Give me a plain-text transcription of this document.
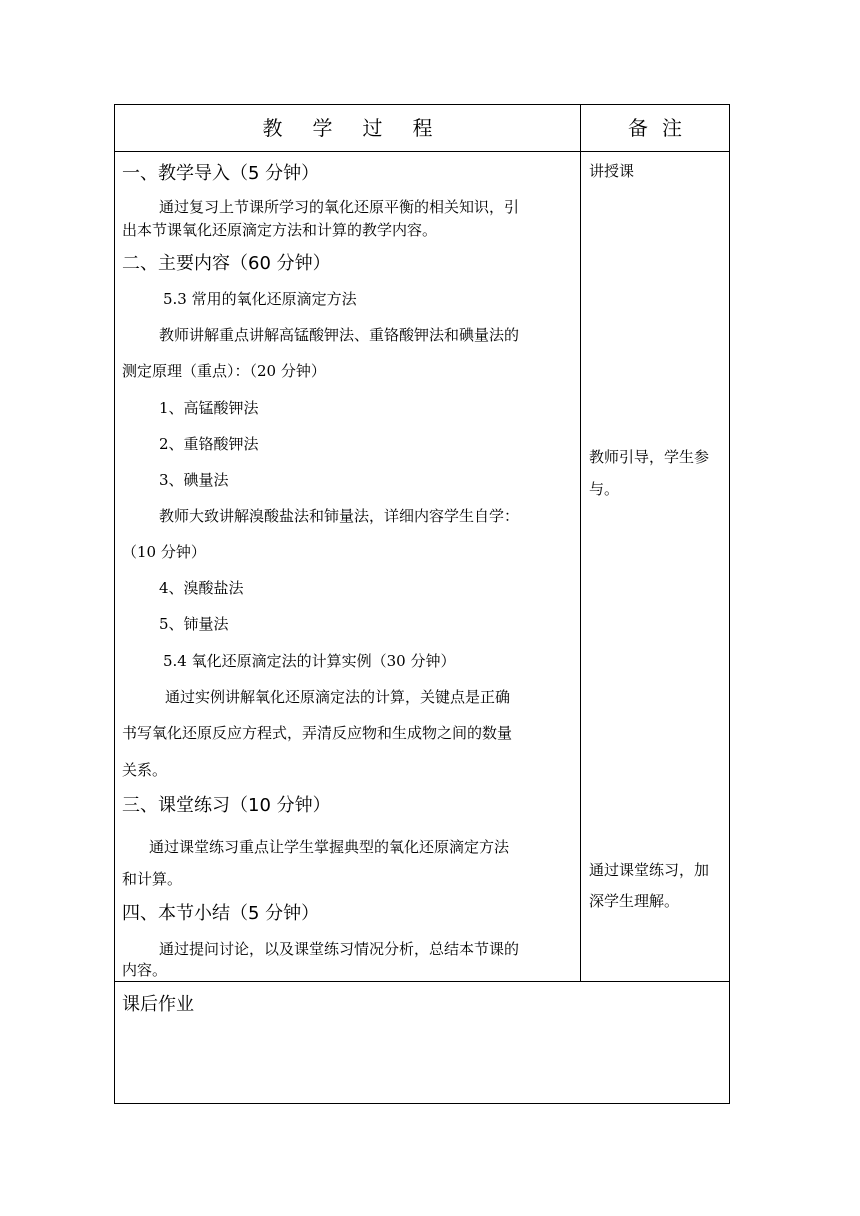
教学过程	备注
一、教学导入（5 分钟）
通过复习上节课所学习的氧化还原平衡的相关知识，引
出本节课氧化还原滴定方法和计算的教学内容。
二、主要内容（60 分钟）
5.3 常用的氧化还原滴定方法
教师讲解重点讲解高锰酸钾法、重铬酸钾法和碘量法的
测定原理（重点）：（20 分钟）
1、高锰酸钾法
2、重铬酸钾法
3、碘量法
教师大致讲解溴酸盐法和铈量法，详细内容学生自学：
（10 分钟）
4、溴酸盐法
5、铈量法
5.4 氧化还原滴定法的计算实例（30 分钟）
通过实例讲解氧化还原滴定法的计算，关键点是正确
书写氧化还原反应方程式，弄清反应物和生成物之间的数量
关系。
三、课堂练习（10 分钟）
通过课堂练习重点让学生掌握典型的氧化还原滴定方法
和计算。
四、本节小结（5 分钟）
通过提问讨论，以及课堂练习情况分析，总结本节课的
内容。
讲授课
教师引导，学生参
与。
通过课堂练习，加
深学生理解。
课后作业
